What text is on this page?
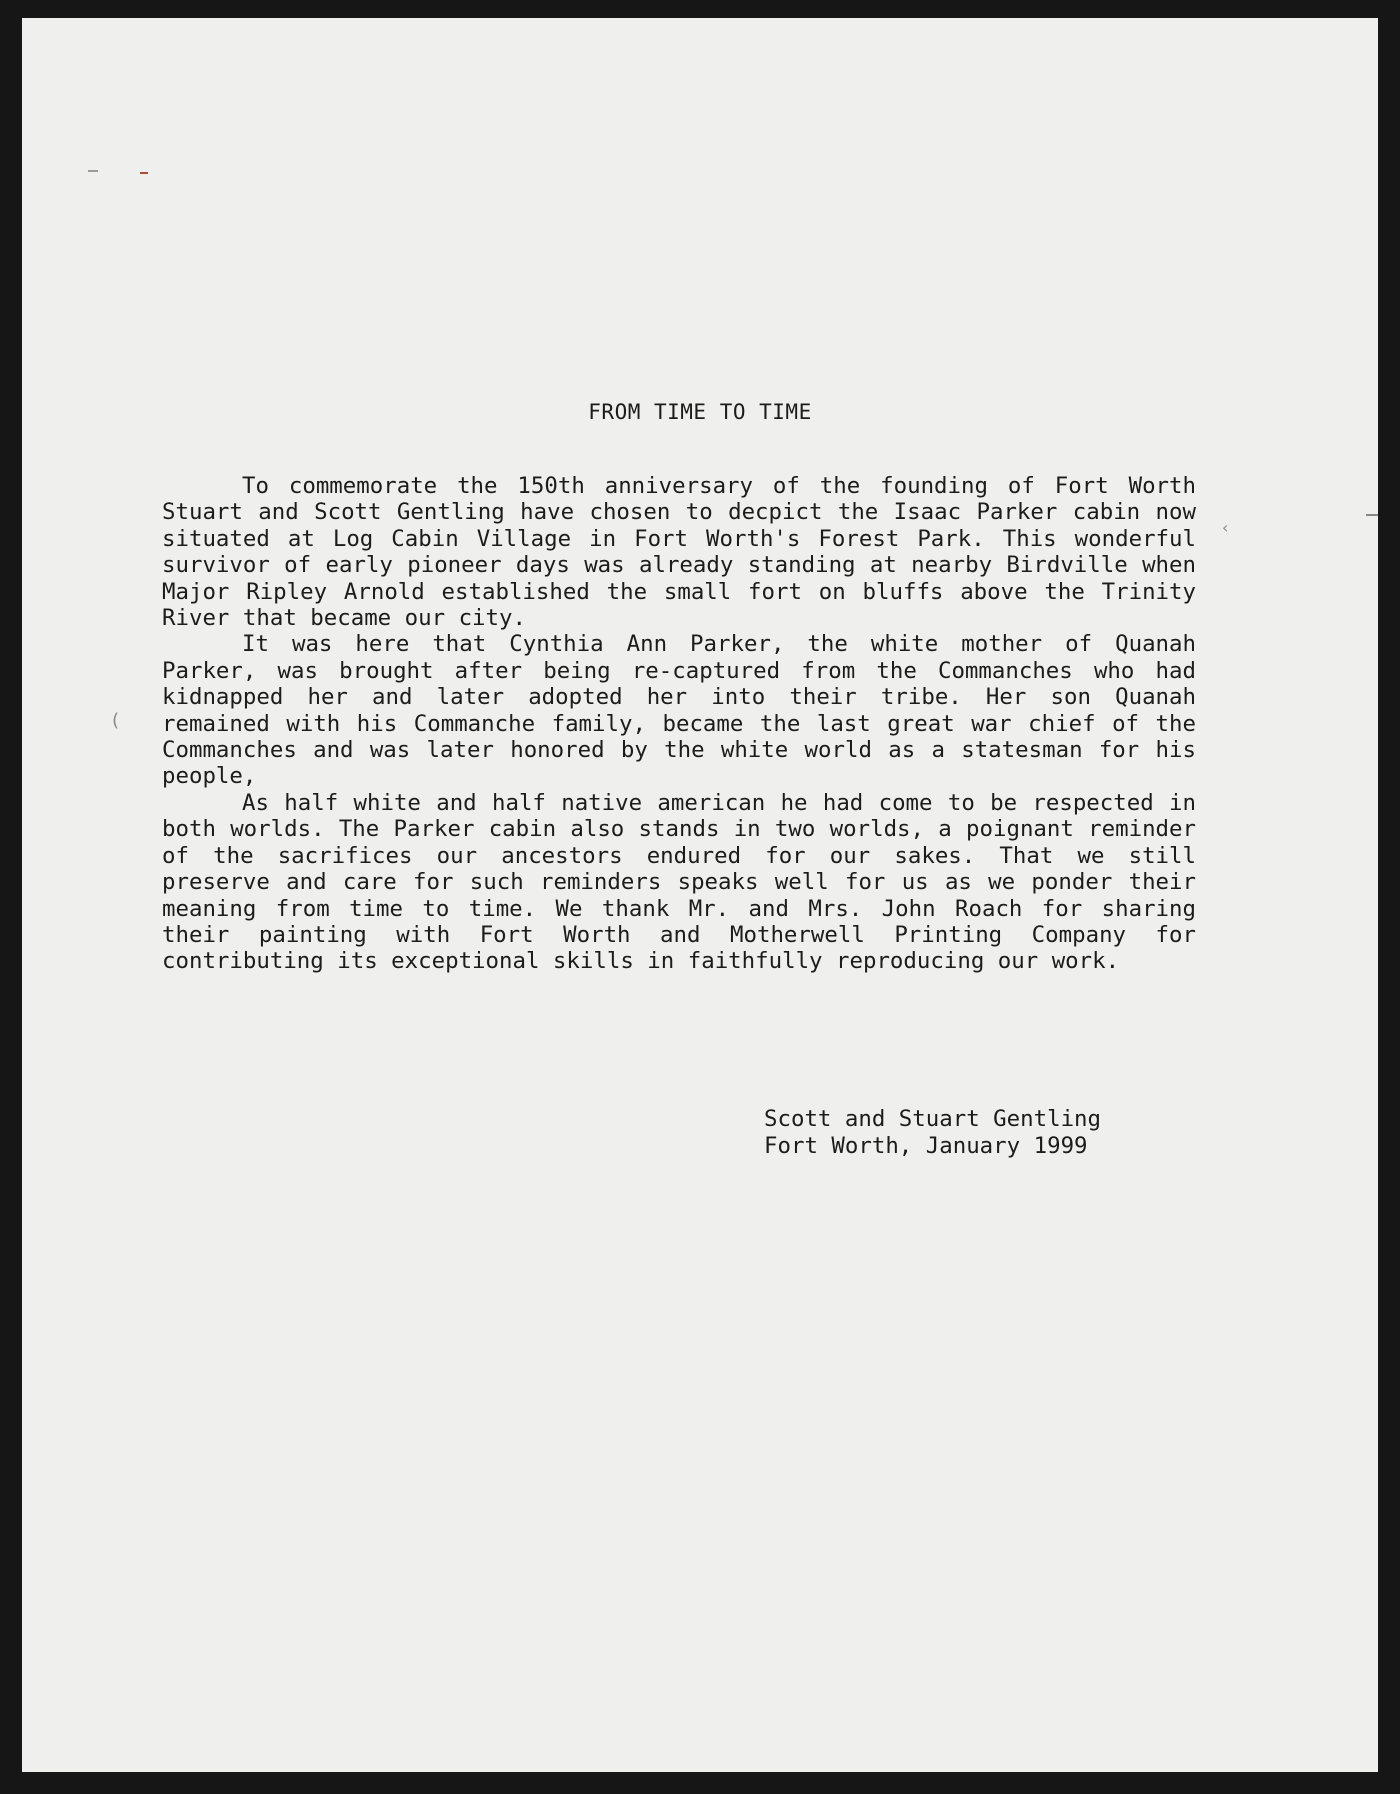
‹
(
FROM TIME TO TIME

To commemorate the 150th anniversary of the founding of Fort Worth Stuart and Scott Gentling have chosen to decpict the Isaac Parker cabin now situated at Log Cabin Village in Fort Worth's Forest Park. This wonderful survivor of early pioneer days was already standing at nearby Birdville when Major Ripley Arnold established the small fort on bluffs above the Trinity River that became our city.

It was here that Cynthia Ann Parker, the white mother of Quanah Parker, was brought after being re-captured from the Commanches who had kidnapped her and later adopted her into their tribe. Her son Quanah remained with his Commanche family, became the last great war chief of the Commanches and was later honored by the white world as a statesman for his people,

As half white and half native american he had come to be respected in both worlds. The Parker cabin also stands in two worlds, a poignant reminder of the sacrifices our ancestors endured for our sakes. That we still preserve and care for such reminders speaks well for us as we ponder their meaning from time to time. We thank Mr. and Mrs. John Roach for sharing their painting with Fort Worth and Motherwell Printing Company for contributing its exceptional skills in faithfully reproducing our work.

Scott and Stuart Gentling
Fort Worth, January 1999
